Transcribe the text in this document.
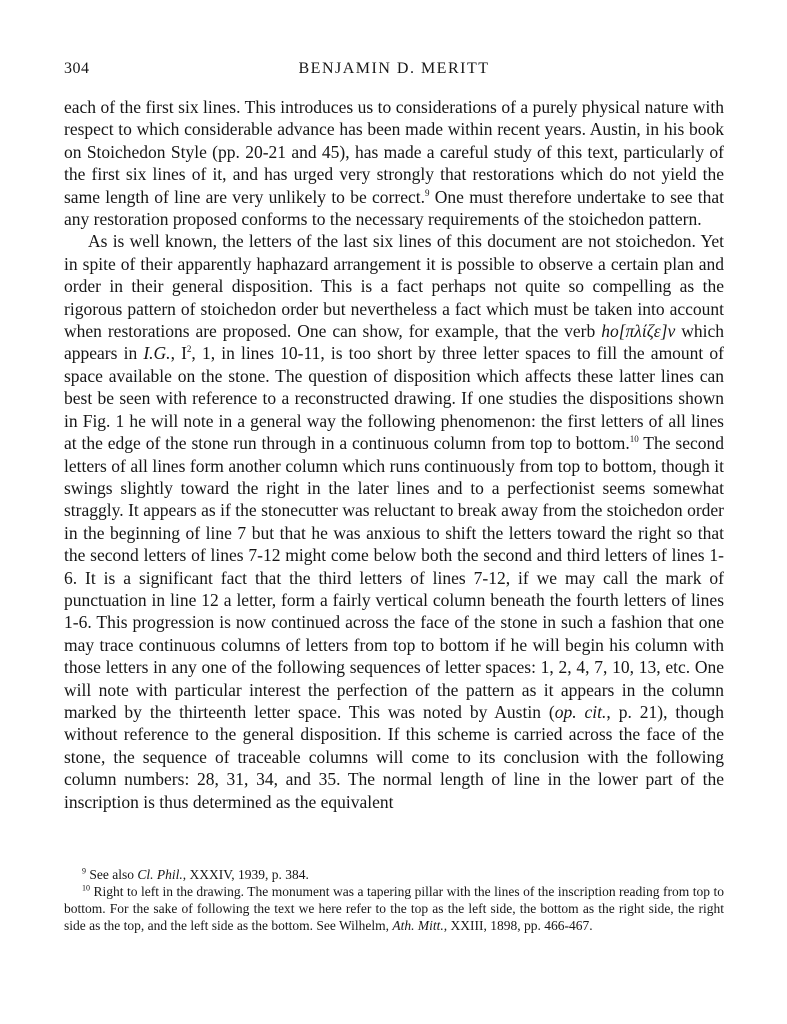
304	BENJAMIN D. MERITT

each of the first six lines. This introduces us to considerations of a purely physical nature with respect to which considerable advance has been made within recent years. Austin, in his book on Stoichedon Style (pp. 20-21 and 45), has made a careful study of this text, particularly of the first six lines of it, and has urged very strongly that restorations which do not yield the same length of line are very unlikely to be correct.$^9$ One must therefore undertake to see that any restoration proposed conforms to the necessary requirements of the stoichedon pattern.

As is well known, the letters of the last six lines of this document are not stoichedon. Yet in spite of their apparently haphazard arrangement it is possible to observe a certain plan and order in their general disposition. This is a fact perhaps not quite so compelling as the rigorous pattern of stoichedon order but nevertheless a fact which must be taken into account when restorations are proposed. One can show, for example, that the verb hο[πλίζε]ν which appears in I.G., $I^2$, 1, in lines 10-11, is too short by three letter spaces to fill the amount of space available on the stone. The question of disposition which affects these latter lines can best be seen with reference to a reconstructed drawing. If one studies the dispositions shown in Fig. 1 he will note in a general way the following phenomenon: the first letters of all lines at the edge of the stone run through in a continuous column from top to bottom.$^{10}$ The second letters of all lines form another column which runs continuously from top to bottom, though it swings slightly toward the right in the later lines and to a perfectionist seems somewhat straggly. It appears as if the stonecutter was reluctant to break away from the stoichedon order in the beginning of line 7 but that he was anxious to shift the letters toward the right so that the second letters of lines 7-12 might come below both the second and third letters of lines 1-6. It is a significant fact that the third letters of lines 7-12, if we may call the mark of punctuation in line 12 a letter, form a fairly vertical column beneath the fourth letters of lines 1-6. This progression is now continued across the face of the stone in such a fashion that one may trace continuous columns of letters from top to bottom if he will begin his column with those letters in any one of the following sequences of letter spaces: 1, 2, 4, 7, 10, 13, etc. One will note with particular interest the perfection of the pattern as it appears in the column marked by the thirteenth letter space. This was noted by Austin (op. cit., p. 21), though without reference to the general disposition. If this scheme is carried across the face of the stone, the sequence of traceable columns will come to its conclusion with the following column numbers: 28, 31, 34, and 35. The normal length of line in the lower part of the inscription is thus determined as the equivalent

$^9$ See also Cl. Phil., XXXIV, 1939, p. 384.

$^{10}$ Right to left in the drawing. The monument was a tapering pillar with the lines of the inscription reading from top to bottom. For the sake of following the text we here refer to the top as the left side, the bottom as the right side, the right side as the top, and the left side as the bottom. See Wilhelm, Ath. Mitt., XXIII, 1898, pp. 466-467.
